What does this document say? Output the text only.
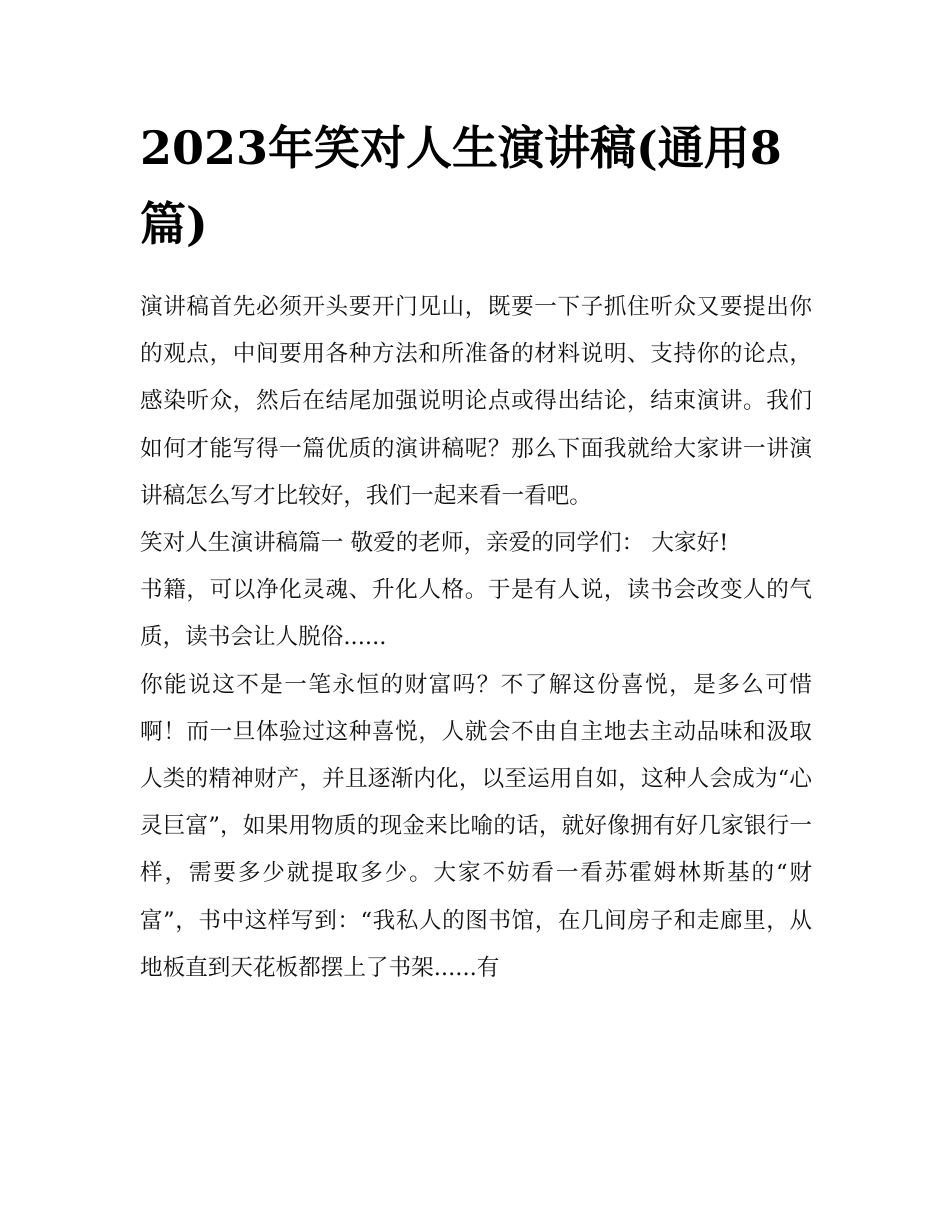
2023年笑对人生演讲稿(通用8篇)

演讲稿首先必须开头要开门见山，既要一下子抓住听众又要提出你的观点，中间要用各种方法和所准备的材料说明、支持你的论点，感染听众，然后在结尾加强说明论点或得出结论，结束演讲。我们如何才能写得一篇优质的演讲稿呢？那么下面我就给大家讲一讲演讲稿怎么写才比较好，我们一起来看一看吧。

笑对人生演讲稿篇一 敬爱的老师，亲爱的同学们： 大家好!

书籍，可以净化灵魂、升化人格。于是有人说，读书会改变人的气质，读书会让人脱俗......

你能说这不是一笔永恒的财富吗？不了解这份喜悦，是多么可惜啊！而一旦体验过这种喜悦，人就会不由自主地去主动品味和汲取人类的精神财产，并且逐渐内化，以至运用自如，这种人会成为“心灵巨富”，如果用物质的现金来比喻的话，就好像拥有好几家银行一样，需要多少就提取多少。大家不妨看一看苏霍姆林斯基的“财富”，书中这样写到：“我私人的图书馆，在几间房子和走廊里，从地板直到天花板都摆上了书架......有
